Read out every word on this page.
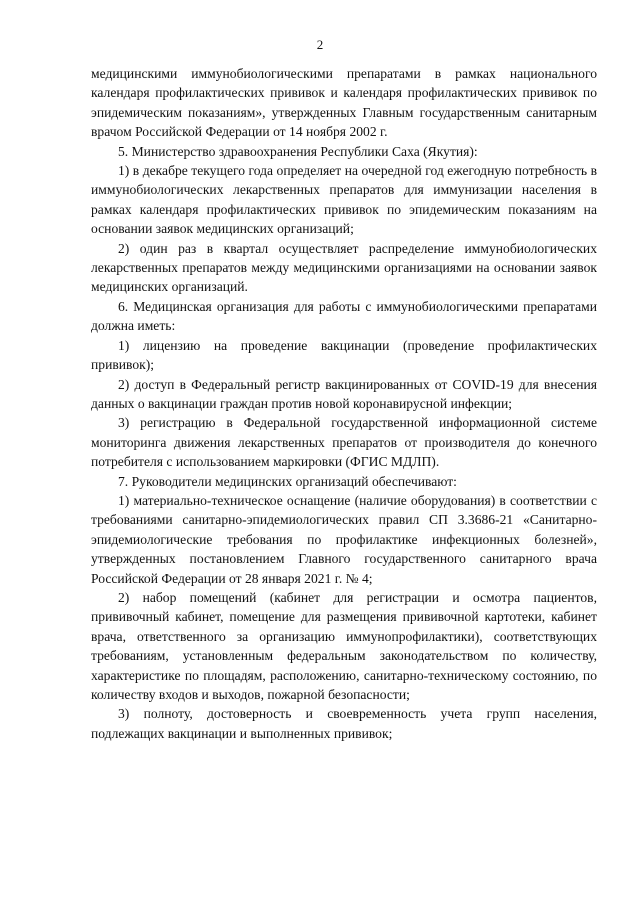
2

медицинскими иммунобиологическими препаратами в рамках национального календаря профилактических прививок и календаря профилактических прививок по эпидемическим показаниям», утвержденных Главным государственным санитарным врачом Российской Федерации от 14 ноября 2002 г.

5. Министерство здравоохранения Республики Саха (Якутия):

1) в декабре текущего года определяет на очередной год ежегодную потребность в иммунобиологических лекарственных препаратов для иммунизации населения в рамках календаря профилактических прививок по эпидемическим показаниям на основании заявок медицинских организаций;

2) один раз в квартал осуществляет распределение иммунобиологических лекарственных препаратов между медицинскими организациями на основании заявок медицинских организаций.

6. Медицинская организация для работы с иммунобиологическими препаратами должна иметь:

1) лицензию на проведение вакцинации (проведение профилактических прививок);

2) доступ в Федеральный регистр вакцинированных от COVID-19 для внесения данных о вакцинации граждан против новой коронавирусной инфекции;

3) регистрацию в Федеральной государственной информационной системе мониторинга движения лекарственных препаратов от производителя до конечного потребителя с использованием маркировки (ФГИС МДЛП).

7. Руководители медицинских организаций обеспечивают:

1) материально-техническое оснащение (наличие оборудования) в соответствии с требованиями санитарно-эпидемиологических правил СП 3.3686-21 «Санитарно-эпидемиологические требования по профилактике инфекционных болезней», утвержденных постановлением Главного государственного санитарного врача Российской Федерации от 28 января 2021 г. № 4;

2) набор помещений (кабинет для регистрации и осмотра пациентов, прививочный кабинет, помещение для размещения прививочной картотеки, кабинет врача, ответственного за организацию иммунопрофилактики), соответствующих требованиям, установленным федеральным законодательством по количеству, характеристике по площадям, расположению, санитарно-техническому состоянию, по количеству входов и выходов, пожарной безопасности;

3) полноту, достоверность и своевременность учета групп населения, подлежащих вакцинации и выполненных прививок;
